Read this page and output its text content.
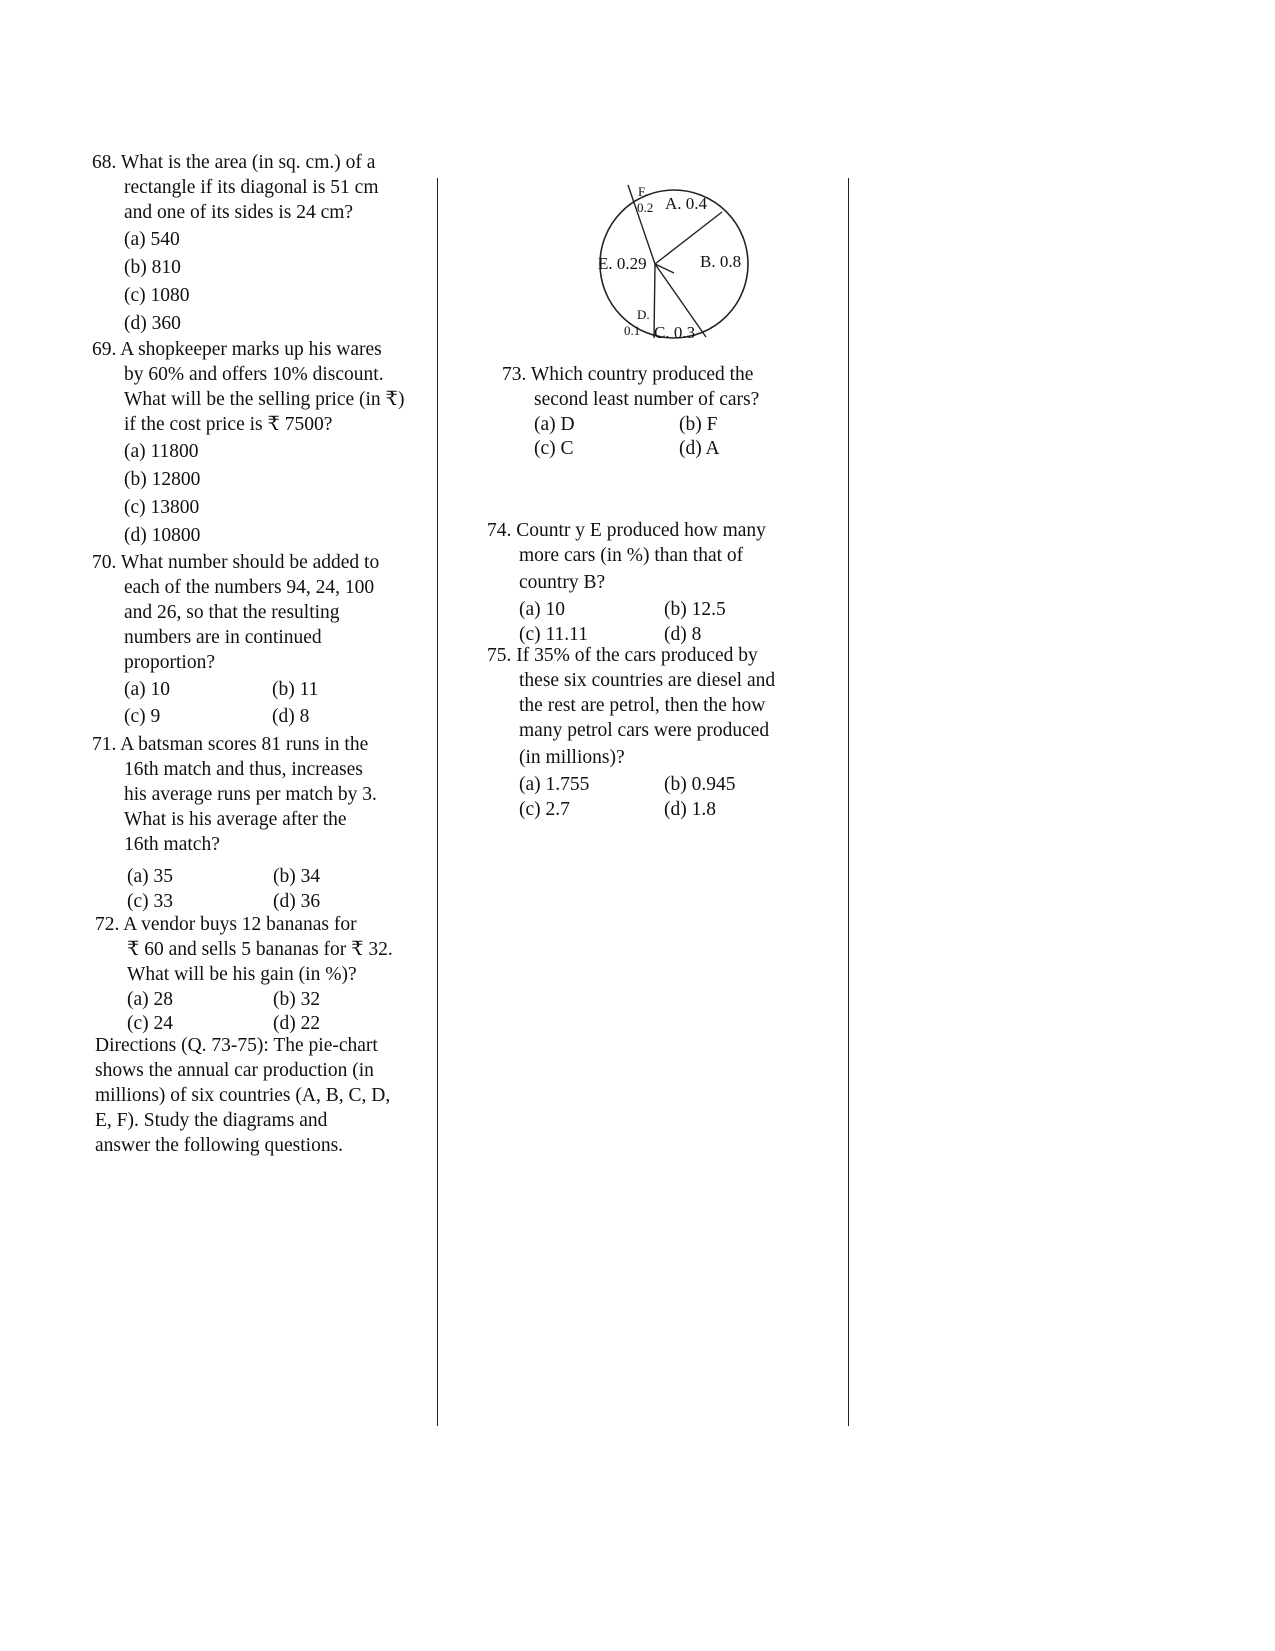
68. What is the area (in sq. cm.) of a
rectangle if its diagonal is 51 cm
and one of its sides is 24 cm?
(a) 540
(b) 810
(c) 1080
(d) 360
69. A shopkeeper marks up his wares
by 60% and offers 10% discount.
What will be the selling price (in ₹)
if the cost price is ₹ 7500?
(a) 11800
(b) 12800
(c) 13800
(d) 10800
70. What number should be added to
each of the numbers 94, 24, 100
and 26, so that the resulting
numbers are in continued
proportion?
(a) 10	(b) 11
(c) 9	(d) 8
71. A batsman scores 81 runs in the
16th match and thus, increases
his average runs per match by 3.
What is his average after the
16th match?
(a) 35	(b) 34
(c) 33	(d) 36
72. A vendor buys 12 bananas for
₹ 60 and sells 5 bananas for ₹ 32.
What will be his gain (in %)?
(a) 28	(b) 32
(c) 24	(d) 22
Directions (Q. 73-75): The pie-chart
shows the annual car production (in
millions) of six countries (A, B, C, D,
E, F). Study the diagrams and
answer the following questions.
A. 0.4
B. 0.8
C. 0.3
E. 0.29
F.
0.2
D.
0.1
73. Which country produced the
second least number of cars?
(a) D	(b) F
(c) C	(d) A
74. Countr y E produced how many
more cars (in %) than that of
country B?
(a) 10	(b) 12.5
(c) 11.11	(d) 8
75. If 35% of the cars produced by
these six countries are diesel and
the rest are petrol, then the how
many petrol cars were produced
(in millions)?
(a) 1.755	(b) 0.945
(c) 2.7	(d) 1.8
